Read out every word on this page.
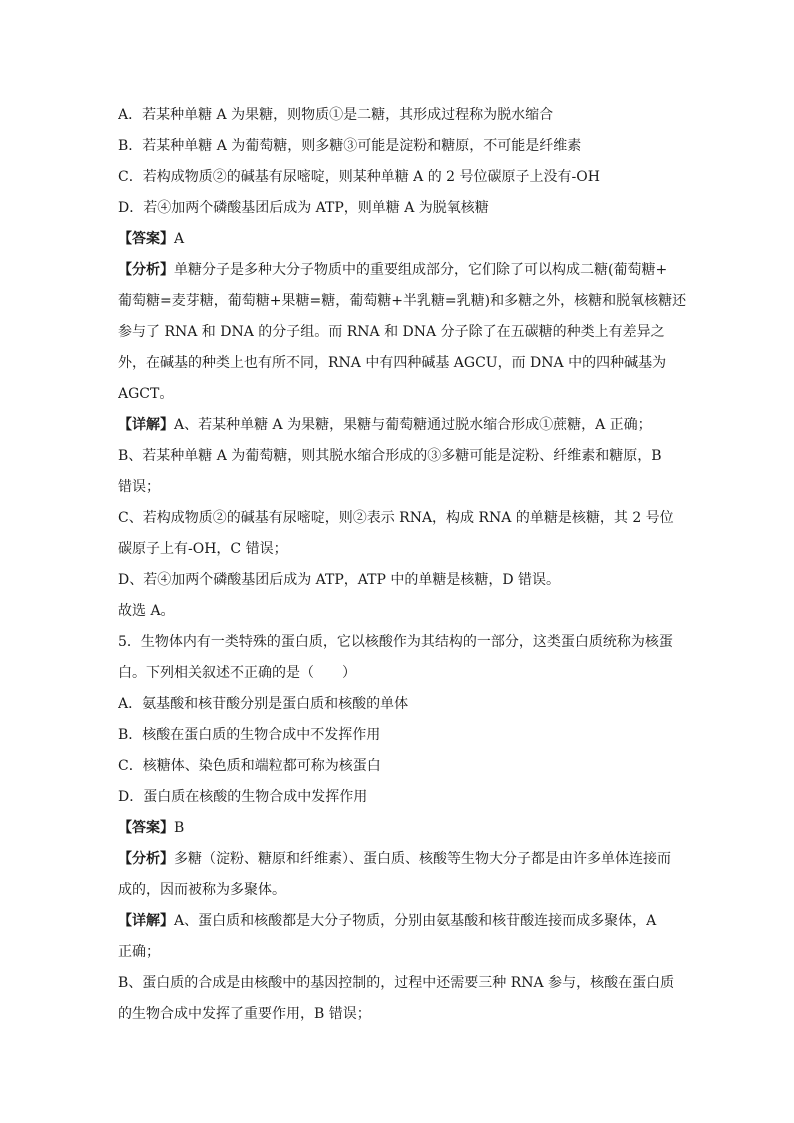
A．若某种单糖 A 为果糖，则物质①是二糖，其形成过程称为脱水缩合
B．若某种单糖 A 为葡萄糖，则多糖③可能是淀粉和糖原，不可能是纤维素
C．若构成物质②的碱基有尿嘧啶，则某种单糖 A 的 2 号位碳原子上没有-OH
D．若④加两个磷酸基团后成为 ATP，则单糖 A 为脱氧核糖
【答案】A
【分析】单糖分子是多种大分子物质中的重要组成部分，它们除了可以构成二糖(葡萄糖+
葡萄糖=麦芽糖，葡萄糖+果糖=糖，葡萄糖+半乳糖=乳糖)和多糖之外，核糖和脱氧核糖还
参与了 RNA 和 DNA 的分子组。而 RNA 和 DNA 分子除了在五碳糖的种类上有差异之
外，在碱基的种类上也有所不同，RNA 中有四种碱基 AGCU，而 DNA 中的四种碱基为
AGCT。
【详解】A、若某种单糖 A 为果糖，果糖与葡萄糖通过脱水缩合形成①蔗糖，A 正确；
B、若某种单糖 A 为葡萄糖，则其脱水缩合形成的③多糖可能是淀粉、纤维素和糖原，B
错误；
C、若构成物质②的碱基有尿嘧啶，则②表示 RNA，构成 RNA 的单糖是核糖，其 2 号位
碳原子上有-OH，C 错误；
D、若④加两个磷酸基团后成为 ATP，ATP 中的单糖是核糖，D 错误。
故选 A。
5．生物体内有一类特殊的蛋白质，它以核酸作为其结构的一部分，这类蛋白质统称为核蛋
白。下列相关叙述不正确的是（　　）
A．氨基酸和核苷酸分别是蛋白质和核酸的单体
B．核酸在蛋白质的生物合成中不发挥作用
C．核糖体、染色质和端粒都可称为核蛋白
D．蛋白质在核酸的生物合成中发挥作用
【答案】B
【分析】多糖（淀粉、糖原和纤维素）、蛋白质、核酸等生物大分子都是由许多单体连接而
成的，因而被称为多聚体。
【详解】A、蛋白质和核酸都是大分子物质，分别由氨基酸和核苷酸连接而成多聚体，A
正确；
B、蛋白质的合成是由核酸中的基因控制的，过程中还需要三种 RNA 参与，核酸在蛋白质
的生物合成中发挥了重要作用，B 错误；
